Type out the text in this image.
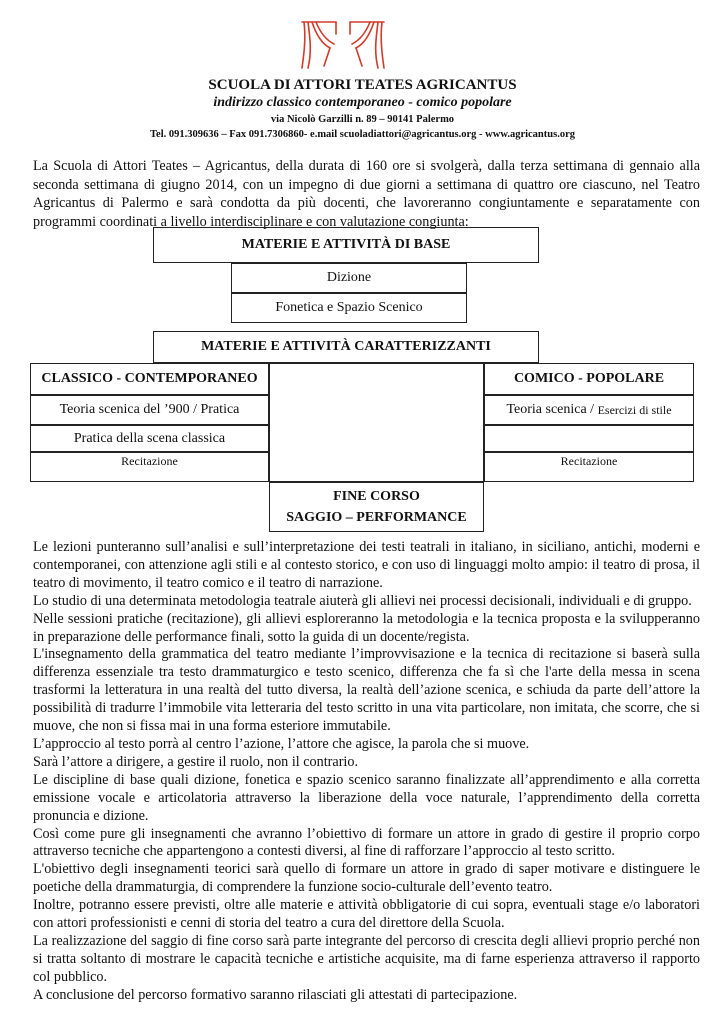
SCUOLA DI ATTORI TEATES AGRICANTUS
indirizzo classico contemporaneo - comico popolare
via Nicolò Garzilli n. 89 – 90141 Palermo
Tel. 091.309636 – Fax 091.7306860- e.mail scuoladiattori@agricantus.org - www.agricantus.org

La Scuola di Attori Teates – Agricantus, della durata di 160 ore si svolgerà, dalla terza settimana di gennaio alla seconda settimana di giugno 2014, con un impegno di due giorni a settimana di quattro ore ciascuno, nel Teatro Agricantus di Palermo e sarà condotta da più docenti, che lavoreranno congiuntamente e separatamente con programmi coordinati a livello interdisciplinare e con valutazione congiunta:

MATERIE E ATTIVITÀ DI BASE
Dizione
Fonetica e Spazio Scenico
MATERIE E ATTIVITÀ CARATTERIZZANTI
CLASSICO - CONTEMPORANEO
Teoria scenica del ’900 / Pratica
Pratica della scena classica
Recitazione
COMICO - POPOLARE
Teoria scenica / Esercizi di stile
Recitazione
FINE CORSO
SAGGIO – PERFORMANCE

Le lezioni punteranno sull’analisi e sull’interpretazione dei testi teatrali in italiano, in siciliano, antichi, moderni e contemporanei, con attenzione agli stili e al contesto storico, e con uso di linguaggi molto ampio: il teatro di prosa, il teatro di movimento, il teatro comico e il teatro di narrazione.

Lo studio di una determinata metodologia teatrale aiuterà gli allievi nei processi decisionali, individuali e di gruppo.

Nelle sessioni pratiche (recitazione), gli allievi esploreranno la metodologia e la tecnica proposta e la svilupperanno in preparazione delle performance finali, sotto la guida di un docente/regista.

L'insegnamento della grammatica del teatro mediante l’improvvisazione e la tecnica di recitazione si baserà sulla differenza essenziale tra testo drammaturgico e testo scenico, differenza che fa sì che l'arte della messa in scena trasformi la letteratura in una realtà del tutto diversa, la realtà dell’azione scenica, e schiuda da parte dell’attore la possibilità di tradurre l’immobile vita letteraria del testo scritto in una vita particolare, non imitata, che scorre, che si muove, che non si fissa mai in una forma esteriore immutabile.

L’approccio al testo porrà al centro l’azione, l’attore che agisce, la parola che si muove.

Sarà l’attore a dirigere, a gestire il ruolo, non il contrario.

Le discipline di base quali dizione, fonetica e spazio scenico saranno finalizzate all’apprendimento e alla corretta emissione vocale e articolatoria attraverso la liberazione della voce naturale, l’apprendimento della corretta pronuncia e dizione.

Così come pure gli insegnamenti che avranno l’obiettivo di formare un attore in grado di gestire il proprio corpo attraverso tecniche che appartengono a contesti diversi, al fine di rafforzare l’approccio al testo scritto.

L'obiettivo degli insegnamenti teorici sarà quello di formare un attore in grado di saper motivare e distinguere le poetiche della drammaturgia, di comprendere la funzione socio-culturale dell’evento teatro.

Inoltre, potranno essere previsti, oltre alle materie e attività obbligatorie di cui sopra, eventuali stage e/o laboratori con attori professionisti e cenni di storia del teatro a cura del direttore della Scuola.

La realizzazione del saggio di fine corso sarà parte integrante del percorso di crescita degli allievi proprio perché non si tratta soltanto di mostrare le capacità tecniche e artistiche acquisite, ma di farne esperienza attraverso il rapporto col pubblico.

A conclusione del percorso formativo saranno rilasciati gli attestati di partecipazione.
